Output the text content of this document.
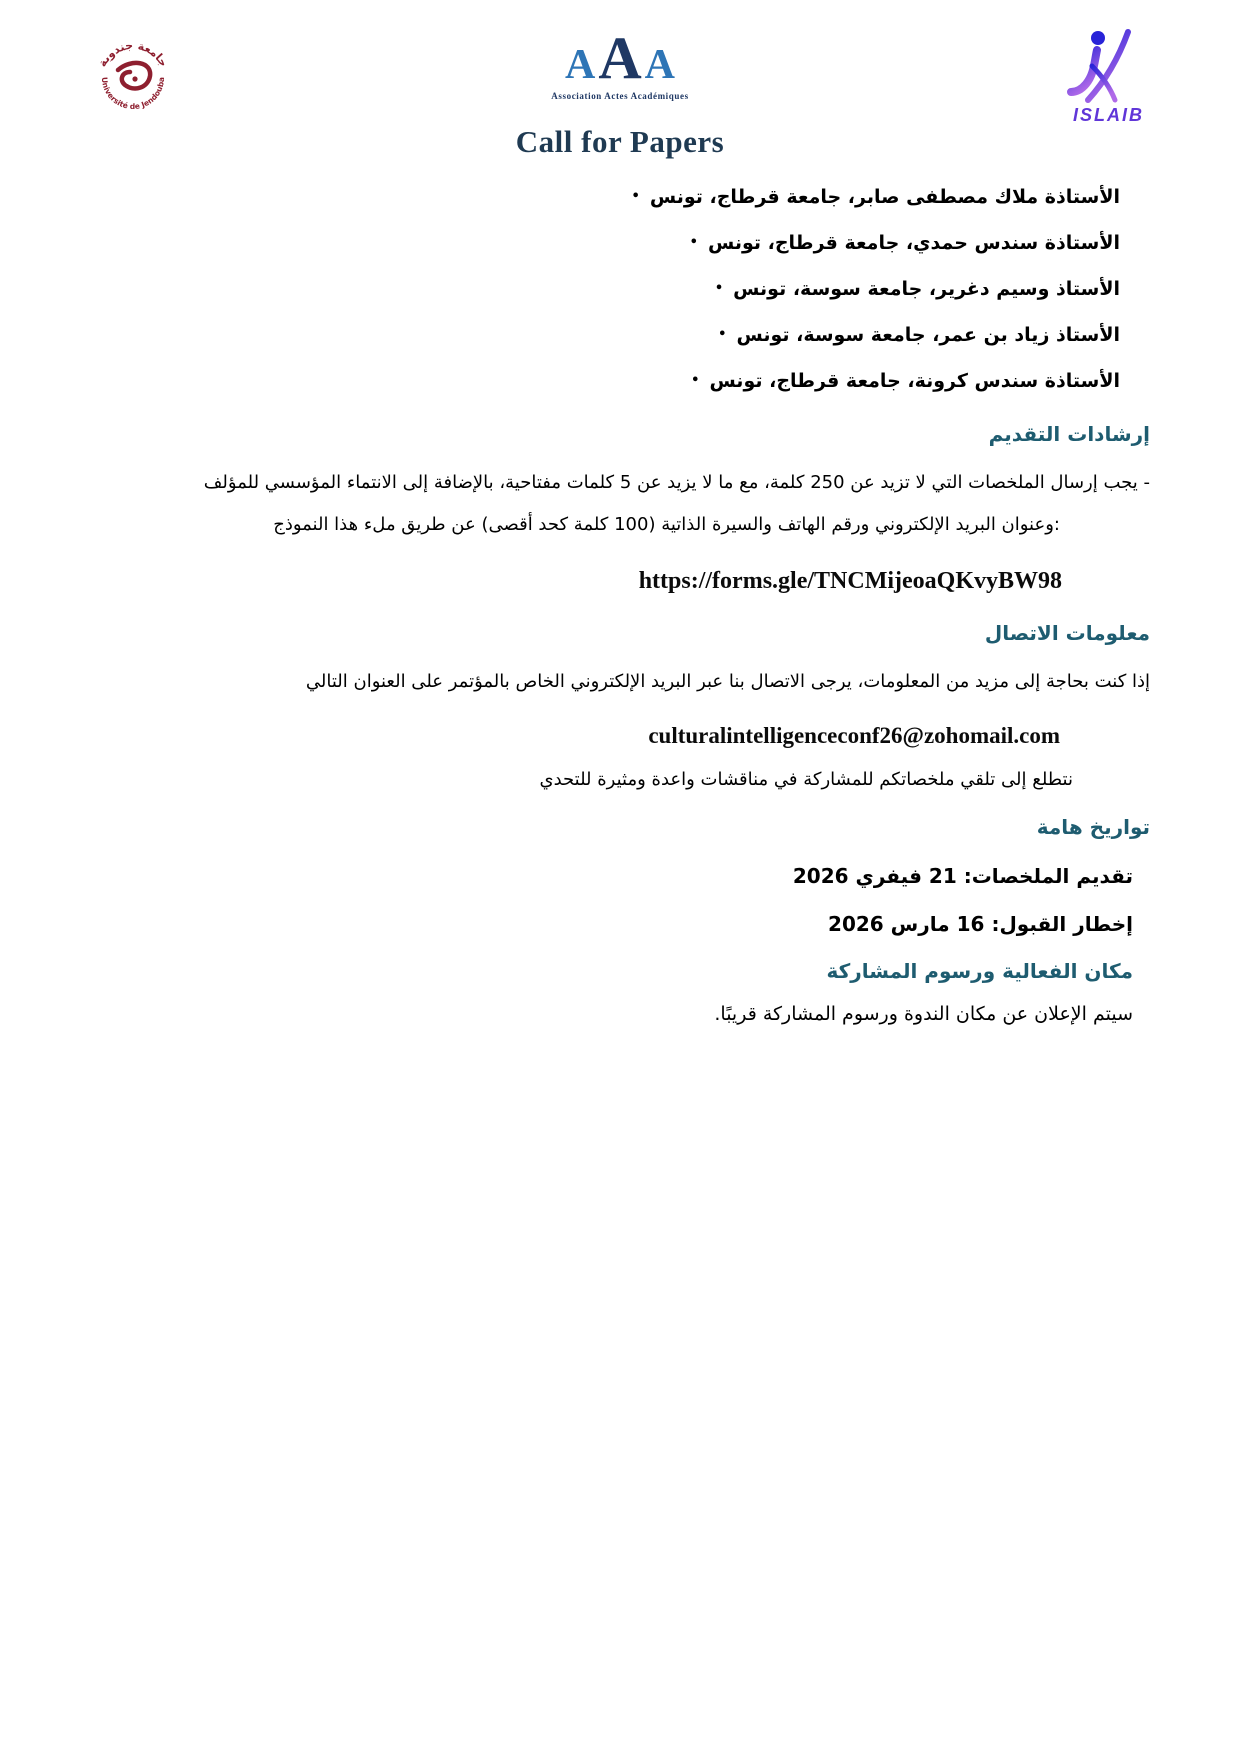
جامعة جندوبة
Université de Jendouba	A A A
Association Actes Académiques
ISLAIB
Call for Papers
• الأستاذة ملاك مصطفى صابر، جامعة قرطاج، تونس
• الأستاذة سندس حمدي، جامعة قرطاج، تونس
• الأستاذ وسيم دغرير، جامعة سوسة، تونس
• الأستاذ زياد بن عمر، جامعة سوسة، تونس
• الأستاذة سندس كرونة، جامعة قرطاج، تونس
إرشادات التقديم

- يجب إرسال الملخصات التي لا تزيد عن 250 كلمة، مع ما لا يزيد عن 5 كلمات مفتاحية، بالإضافة إلى الانتماء المؤسسي للمؤلف

:وعنوان البريد الإلكتروني ورقم الهاتف والسيرة الذاتية (100 كلمة كحد أقصى) عن طريق ملء هذا النموذج

https://forms.gle/TNCMijeoaQKvyBW98

معلومات الاتصال

إذا كنت بحاجة إلى مزيد من المعلومات، يرجى الاتصال بنا عبر البريد الإلكتروني الخاص بالمؤتمر على العنوان التالي

culturalintelligenceconf26@zohomail.com

نتطلع إلى تلقي ملخصاتكم للمشاركة في مناقشات واعدة ومثيرة للتحدي

تواريخ هامة

تقديم الملخصات: 21 فيفري 2026

إخطار القبول: 16 مارس 2026

مكان الفعالية ورسوم المشاركة

سيتم الإعلان عن مكان الندوة ورسوم المشاركة قريبًا.
